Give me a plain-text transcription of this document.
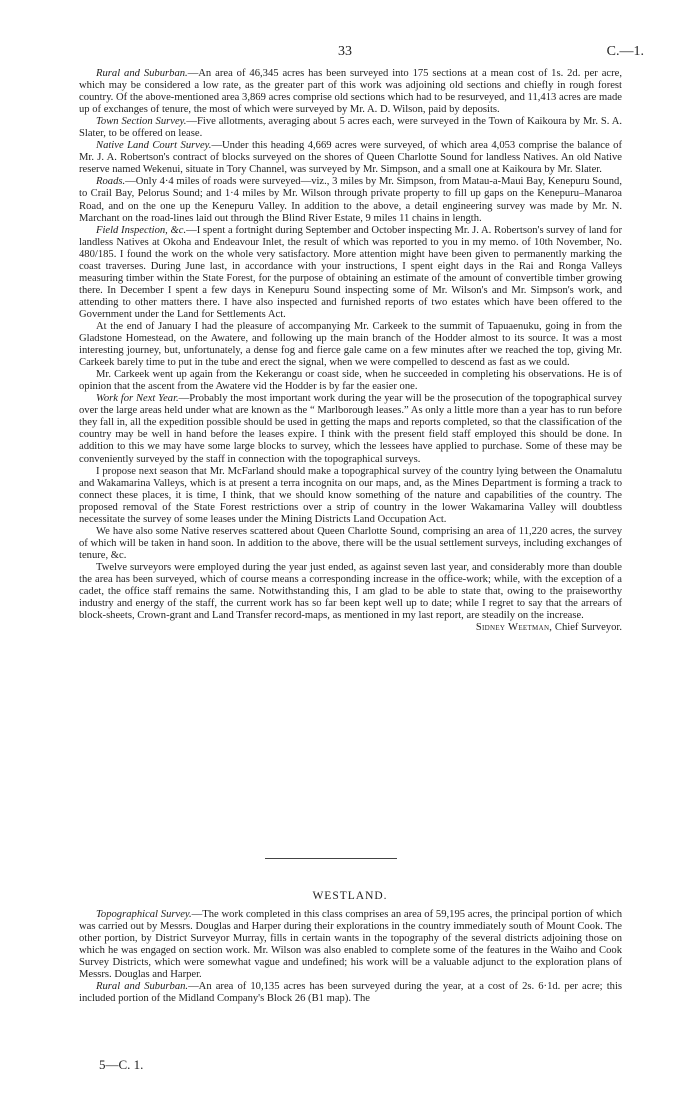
33	C.—1.

Rural and Suburban.—An area of 46,345 acres has been surveyed into 175 sections at a mean cost of 1s. 2d. per acre, which may be considered a low rate, as the greater part of this work was adjoining old sections and chiefly in rough forest country. Of the above-mentioned area 3,869 acres comprise old sections which had to be resurveyed, and 11,413 acres are made up of exchanges of tenure, the most of which were surveyed by Mr. A. D. Wilson, paid by deposits.

Town Section Survey.—Five allotments, averaging about 5 acres each, were surveyed in the Town of Kaikoura by Mr. S. A. Slater, to be offered on lease.

Native Land Court Survey.—Under this heading 4,669 acres were surveyed, of which area 4,053 comprise the balance of Mr. J. A. Robertson's contract of blocks surveyed on the shores of Queen Charlotte Sound for landless Natives. An old Native reserve named Wekenui, situate in Tory Channel, was surveyed by Mr. Simpson, and a small one at Kaikoura by Mr. Slater.

Roads.—Only 4·4 miles of roads were surveyed—viz., 3 miles by Mr. Simpson, from Matau-a-Maui Bay, Kenepuru Sound, to Crail Bay, Pelorus Sound; and 1·4 miles by Mr. Wilson through private property to fill up gaps on the Kenepuru–Manaroa Road, and on the one up the Kenepuru Valley. In addition to the above, a detail engineering survey was made by Mr. N. Marchant on the road-lines laid out through the Blind River Estate, 9 miles 11 chains in length.

Field Inspection, &c.—I spent a fortnight during September and October inspecting Mr. J. A. Robertson's survey of land for landless Natives at Okoha and Endeavour Inlet, the result of which was reported to you in my memo. of 10th November, No. 480/185. I found the work on the whole very satisfactory. More attention might have been given to permanently marking the coast traverses. During June last, in accordance with your instructions, I spent eight days in the Rai and Ronga Valleys measuring timber within the State Forest, for the purpose of obtaining an estimate of the amount of convertible timber growing there. In December I spent a few days in Kenepuru Sound inspecting some of Mr. Wilson's and Mr. Simpson's work, and attending to other matters there. I have also inspected and furnished reports of two estates which have been offered to the Government under the Land for Settlements Act.

At the end of January I had the pleasure of accompanying Mr. Carkeek to the summit of Tapuaenuku, going in from the Gladstone Homestead, on the Awatere, and following up the main branch of the Hodder almost to its source. It was a most interesting journey, but, unfortunately, a dense fog and fierce gale came on a few minutes after we reached the top, giving Mr. Carkeek barely time to put in the tube and erect the signal, when we were compelled to descend as fast as we could.

Mr. Carkeek went up again from the Kekerangu or coast side, when he succeeded in completing his observations. He is of opinion that the ascent from the Awatere vid the Hodder is by far the easier one.

Work for Next Year.—Probably the most important work during the year will be the prosecution of the topographical survey over the large areas held under what are known as the “ Marlborough leases.” As only a little more than a year has to run before they fall in, all the expedition possible should be used in getting the maps and reports completed, so that the classification of the country may be well in hand before the leases expire. I think with the present field staff employed this should be done. In addition to this we may have some large blocks to survey, which the lessees have applied to purchase. Some of these may be conveniently surveyed by the staff in connection with the topographical surveys.

I propose next season that Mr. McFarland should make a topographical survey of the country lying between the Onamalutu and Wakamarina Valleys, which is at present a terra incognita on our maps, and, as the Mines Department is forming a track to connect these places, it is time, I think, that we should know something of the nature and capabilities of the country. The proposed removal of the State Forest restrictions over a strip of country in the lower Wakamarina Valley will doubtless necessitate the survey of some leases under the Mining Districts Land Occupation Act.

We have also some Native reserves scattered about Queen Charlotte Sound, comprising an area of 11,220 acres, the survey of which will be taken in hand soon. In addition to the above, there will be the usual settlement surveys, including exchanges of tenure, &c.

Twelve surveyors were employed during the year just ended, as against seven last year, and considerably more than double the area has been surveyed, which of course means a corresponding increase in the office-work; while, with the exception of a cadet, the office staff remains the same. Notwithstanding this, I am glad to be able to state that, owing to the praiseworthy industry and energy of the staff, the current work has so far been kept well up to date; while I regret to say that the arrears of block-sheets, Crown-grant and Land Transfer record-maps, as mentioned in my last report, are steadily on the increase.
Sidney Weetman, Chief Surveyor.

WESTLAND.

Topographical Survey.—The work completed in this class comprises an area of 59,195 acres, the principal portion of which was carried out by Messrs. Douglas and Harper during their explorations in the country immediately south of Mount Cook. The other portion, by District Surveyor Murray, fills in certain wants in the topography of the several districts adjoining those on which he was engaged on section work. Mr. Wilson was also enabled to complete some of the features in the Waiho and Cook Survey Districts, which were somewhat vague and undefined; his work will be a valuable adjunct to the exploration plans of Messrs. Douglas and Harper.

Rural and Suburban.—An area of 10,135 acres has been surveyed during the year, at a cost of 2s. 6·1d. per acre; this included portion of the Midland Company's Block 26 (B1 map). The

5—C. 1.
